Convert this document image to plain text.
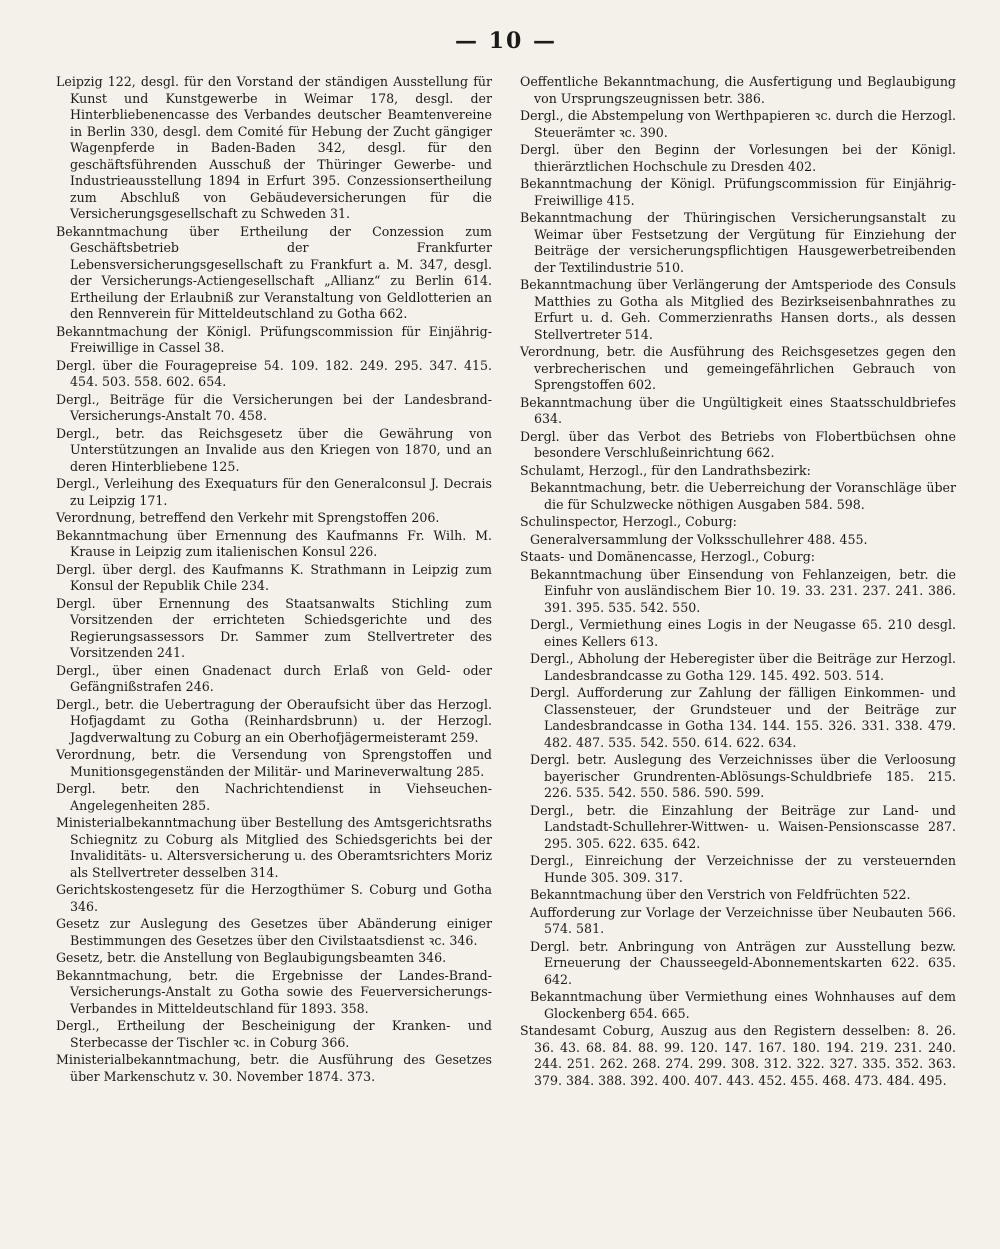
— 10 —

Leipzig 122, desgl. für den Vorstand der ständigen Ausstellung für Kunst und Kunstgewerbe in Weimar 178, desgl. der Hinterbliebenencasse des Verbandes deutscher Beamtenvereine in Berlin 330, desgl. dem Comité für Hebung der Zucht gängiger Wagenpferde in Baden-Baden 342, desgl. für den geschäftsführenden Ausschuß der Thüringer Gewerbe- und Industrieausstellung 1894 in Erfurt 395. Conzessionsertheilung zum Abschluß von Gebäudeversicherungen für die Versicherungsgesellschaft zu Schweden 31.

Bekanntmachung über Ertheilung der Conzession zum Geschäftsbetrieb der Frankfurter Lebensversicherungsgesellschaft zu Frankfurt a. M. 347, desgl. der Versicherungs-Actiengesellschaft „Allianz“ zu Berlin 614. Ertheilung der Erlaubniß zur Veranstaltung von Geldlotterien an den Rennverein für Mitteldeutschland zu Gotha 662.

Bekanntmachung der Königl. Prüfungscommission für Einjährig-Freiwillige in Cassel 38.

Dergl. über die Fouragepreise 54. 109. 182. 249. 295. 347. 415. 454. 503. 558. 602. 654.

Dergl., Beiträge für die Versicherungen bei der Landesbrand-Versicherungs-Anstalt 70. 458.

Dergl., betr. das Reichsgesetz über die Gewährung von Unterstützungen an Invalide aus den Kriegen von 1870, und an deren Hinterbliebene 125.

Dergl., Verleihung des Exequaturs für den Generalconsul J. Decrais zu Leipzig 171.

Verordnung, betreffend den Verkehr mit Sprengstoffen 206.

Bekanntmachung über Ernennung des Kaufmanns Fr. Wilh. M. Krause in Leipzig zum italienischen Konsul 226.

Dergl. über dergl. des Kaufmanns K. Strathmann in Leipzig zum Konsul der Republik Chile 234.

Dergl. über Ernennung des Staatsanwalts Stichling zum Vorsitzenden der errichteten Schiedsgerichte und des Regierungsassessors Dr. Sammer zum Stellvertreter des Vorsitzenden 241.

Dergl., über einen Gnadenact durch Erlaß von Geld- oder Gefängnißstrafen 246.

Dergl., betr. die Uebertragung der Oberaufsicht über das Herzogl. Hofjagdamt zu Gotha (Reinhardsbrunn) u. der Herzogl. Jagdverwaltung zu Coburg an ein Oberhofjägermeisteramt 259.

Verordnung, betr. die Versendung von Sprengstoffen und Munitionsgegenständen der Militär- und Marineverwaltung 285.

Dergl. betr. den Nachrichtendienst in Viehseuchen-Angelegenheiten 285.

Ministerialbekanntmachung über Bestellung des Amtsgerichtsraths Schiegnitz zu Coburg als Mitglied des Schiedsgerichts bei der Invaliditäts- u. Altersversicherung u. des Oberamtsrichters Moriz als Stellvertreter desselben 314.

Gerichtskostengesetz für die Herzogthümer S. Coburg und Gotha 346.

Gesetz zur Auslegung des Gesetzes über Abänderung einiger Bestimmungen des Gesetzes über den Civilstaatsdienst ꝛc. 346.

Gesetz, betr. die Anstellung von Beglaubigungsbeamten 346.

Bekanntmachung, betr. die Ergebnisse der Landes-Brand-Versicherungs-Anstalt zu Gotha sowie des Feuerversicherungs-Verbandes in Mitteldeutschland für 1893. 358.

Dergl., Ertheilung der Bescheinigung der Kranken- und Sterbecasse der Tischler ꝛc. in Coburg 366.

Ministerialbekanntmachung, betr. die Ausführung des Gesetzes über Markenschutz v. 30. November 1874. 373.

Oeffentliche Bekanntmachung, die Ausfertigung und Beglaubigung von Ursprungszeugnissen betr. 386.

Dergl., die Abstempelung von Werthpapieren ꝛc. durch die Herzogl. Steuerämter ꝛc. 390.

Dergl. über den Beginn der Vorlesungen bei der Königl. thierärztlichen Hochschule zu Dresden 402.

Bekanntmachung der Königl. Prüfungscommission für Einjährig-Freiwillige 415.

Bekanntmachung der Thüringischen Versicherungsanstalt zu Weimar über Festsetzung der Vergütung für Einziehung der Beiträge der versicherungspflichtigen Hausgewerbetreibenden der Textilindustrie 510.

Bekanntmachung über Verlängerung der Amtsperiode des Consuls Matthies zu Gotha als Mitglied des Bezirkseisenbahnrathes zu Erfurt u. d. Geh. Commerzienraths Hansen dorts., als dessen Stellvertreter 514.

Verordnung, betr. die Ausführung des Reichsgesetzes gegen den verbrecherischen und gemeingefährlichen Gebrauch von Sprengstoffen 602.

Bekanntmachung über die Ungültigkeit eines Staatsschuldbriefes 634.

Dergl. über das Verbot des Betriebs von Flobertbüchsen ohne besondere Verschlußeinrichtung 662.

Schulamt, Herzogl., für den Landrathsbezirk:

Bekanntmachung, betr. die Ueberreichung der Voranschläge über die für Schulzwecke nöthigen Ausgaben 584. 598.

Schulinspector, Herzogl., Coburg:

Generalversammlung der Volksschullehrer 488. 455.

Staats- und Domänencasse, Herzogl., Coburg:

Bekanntmachung über Einsendung von Fehlanzeigen, betr. die Einfuhr von ausländischem Bier 10. 19. 33. 231. 237. 241. 386. 391. 395. 535. 542. 550.

Dergl., Vermiethung eines Logis in der Neugasse 65. 210 desgl. eines Kellers 613.

Dergl., Abholung der Heberegister über die Beiträge zur Herzogl. Landesbrandcasse zu Gotha 129. 145. 492. 503. 514.

Dergl. Aufforderung zur Zahlung der fälligen Einkommen- und Classensteuer, der Grundsteuer und der Beiträge zur Landesbrandcasse in Gotha 134. 144. 155. 326. 331. 338. 479. 482. 487. 535. 542. 550. 614. 622. 634.

Dergl. betr. Auslegung des Verzeichnisses über die Verloosung bayerischer Grundrenten-Ablösungs-Schuldbriefe 185. 215. 226. 535. 542. 550. 586. 590. 599.

Dergl., betr. die Einzahlung der Beiträge zur Land- und Landstadt-Schullehrer-Wittwen- u. Waisen-Pensionscasse 287. 295. 305. 622. 635. 642.

Dergl., Einreichung der Verzeichnisse der zu versteuernden Hunde 305. 309. 317.

Bekanntmachung über den Verstrich von Feldfrüchten 522.

Aufforderung zur Vorlage der Verzeichnisse über Neubauten 566. 574. 581.

Dergl. betr. Anbringung von Anträgen zur Ausstellung bezw. Erneuerung der Chausseegeld-Abonnementskarten 622. 635. 642.

Bekanntmachung über Vermiethung eines Wohnhauses auf dem Glockenberg 654. 665.

Standesamt Coburg, Auszug aus den Registern desselben: 8. 26. 36. 43. 68. 84. 88. 99. 120. 147. 167. 180. 194. 219. 231. 240. 244. 251. 262. 268. 274. 299. 308. 312. 322. 327. 335. 352. 363. 379. 384. 388. 392. 400. 407. 443. 452. 455. 468. 473. 484. 495.
